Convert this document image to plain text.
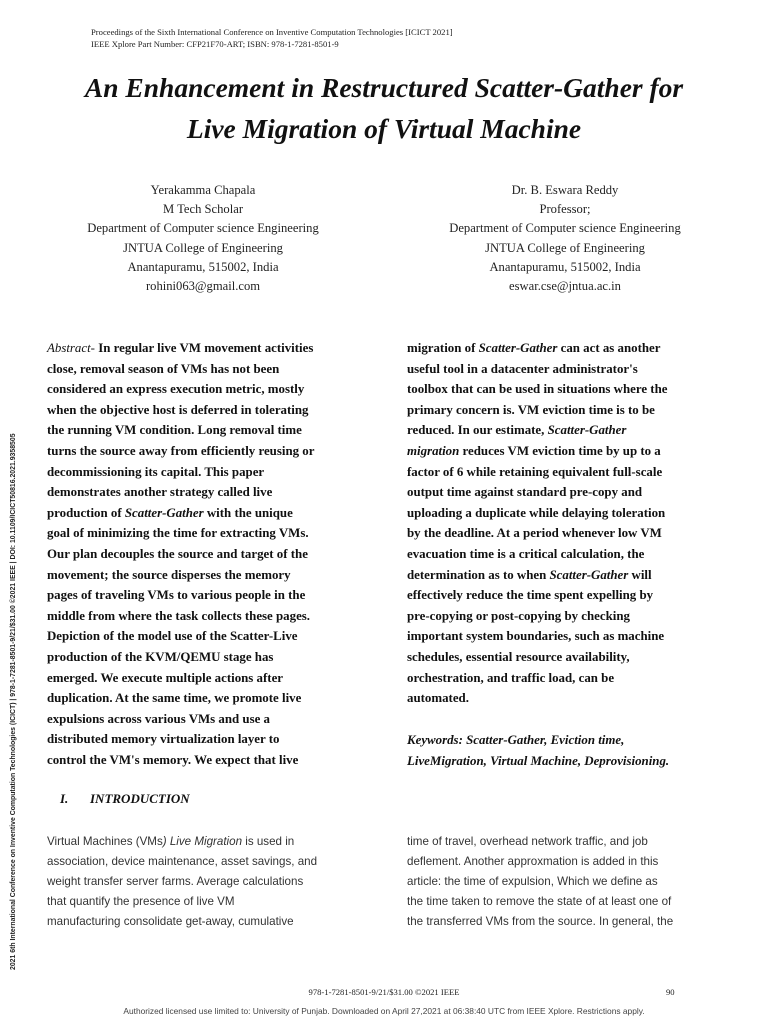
Proceedings of the Sixth International Conference on Inventive Computation Technologies [ICICT 2021]
IEEE Xplore Part Number: CFP21F70-ART; ISBN: 978-1-7281-8501-9
An Enhancement in Restructured Scatter-Gather for
Live Migration of Virtual Machine
Yerakamma Chapala
M Tech Scholar
Department of Computer science Engineering
JNTUA College of Engineering
Anantapuramu, 515002, India
rohini063@gmail.com
Dr. B. Eswara Reddy
Professor;
Department of Computer science Engineering
JNTUA College of Engineering
Anantapuramu, 515002, India
eswar.cse@jntua.ac.in
2021 6th International Conference on Inventive Computation Technologies (ICICT) | 978-1-7281-8501-9/21/$31.00 ©2021 IEEE | DOI: 10.1109/ICICT50816.2021.9358505
Abstract- In regular live VM movement activities
close, removal season of VMs has not been
considered an express execution metric, mostly
when the objective host is deferred in tolerating
the running VM condition. Long removal time
turns the source away from efficiently reusing or
decommissioning its capital. This paper
demonstrates another strategy called live
production of Scatter-Gather with the unique
goal of minimizing the time for extracting VMs.
Our plan decouples the source and target of the
movement; the source disperses the memory
pages of traveling VMs to various people in the
middle from where the task collects these pages.
Depiction of the model use of the Scatter-Live
production of the KVM/QEMU stage has
emerged. We execute multiple actions after
duplication. At the same time, we promote live
expulsions across various VMs and use a
distributed memory virtualization layer to
control the VM's memory. We expect that live
migration of Scatter-Gather can act as another
useful tool in a datacenter administrator's
toolbox that can be used in situations where the
primary concern is. VM eviction time is to be
reduced. In our estimate, Scatter-Gather
migration reduces VM eviction time by up to a
factor of 6 while retaining equivalent full-scale
output time against standard pre-copy and
uploading a duplicate while delaying toleration
by the deadline. At a period whenever low VM
evacuation time is a critical calculation, the
determination as to when Scatter-Gather will
effectively reduce the time spent expelling by
pre-copying or post-copying by checking
important system boundaries, such as machine
schedules, essential resource availability,
orchestration, and traffic load, can be
automated.
Keywords: Scatter-Gather, Eviction time,
LiveMigration, Virtual Machine, Deprovisioning.
I. INTRODUCTION
Virtual Machines (VMs) Live Migration is used in
association, device maintenance, asset savings, and
weight transfer server farms. Average calculations
that quantify the presence of live VM
manufacturing consolidate get-away, cumulative
time of travel, overhead network traffic, and job
deflement. Another approxmation is added in this
article: the time of expulsion, Which we define as
the time taken to remove the state of at least one of
the transferred VMs from the source. In general, the
978-1-7281-8501-9/21/$31.00 ©2021 IEEE	90
Authorized licensed use limited to: University of Punjab. Downloaded on April 27,2021 at 06:38:40 UTC from IEEE Xplore. Restrictions apply.
